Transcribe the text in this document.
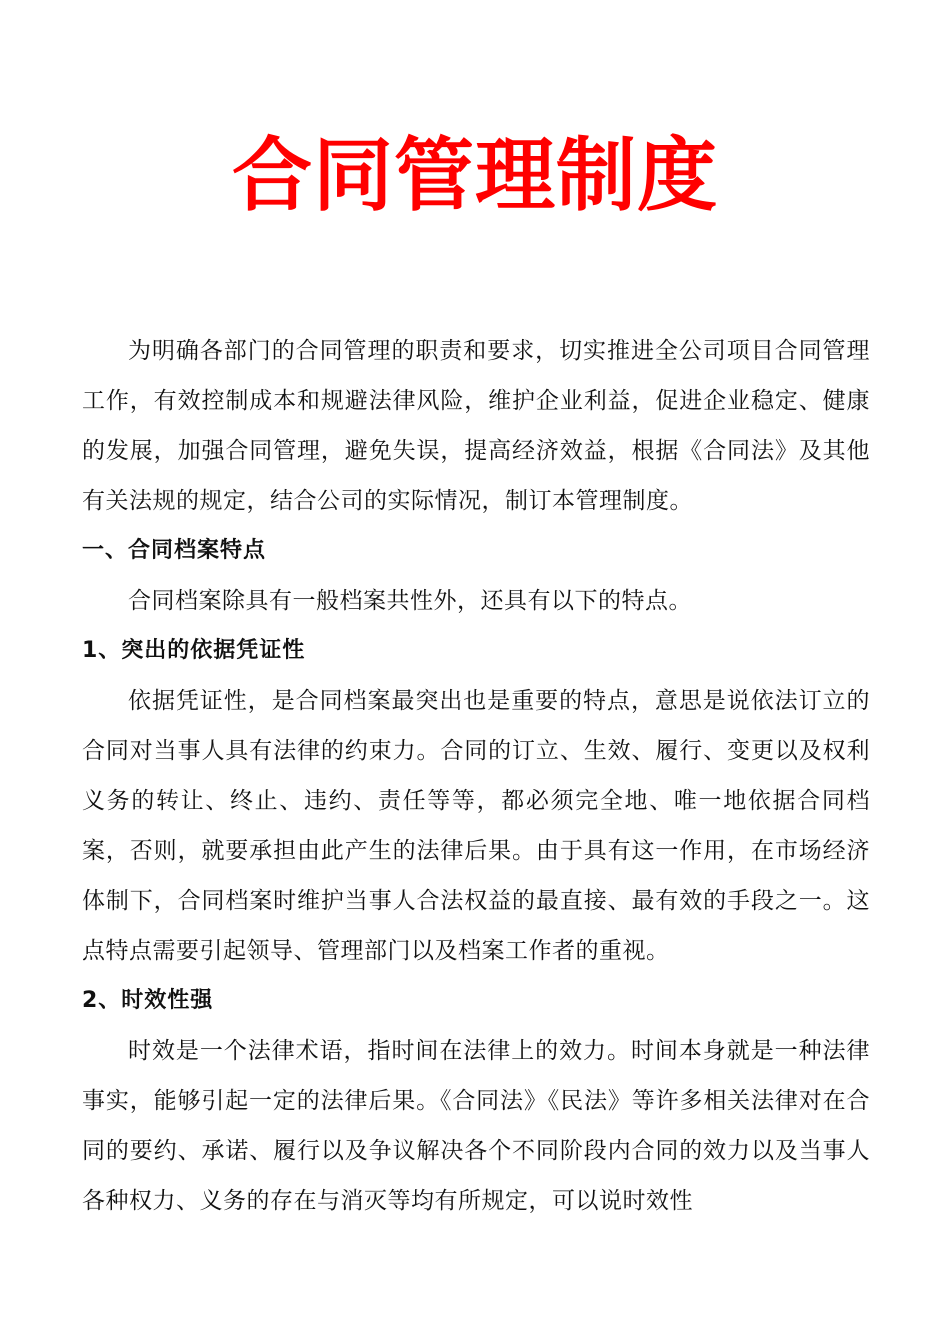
合同管理制度

为明确各部门的合同管理的职责和要求，切实推进全公司项目合同管理工作，有效控制成本和规避法律风险，维护企业利益，促进企业稳定、健康的发展，加强合同管理，避免失误，提高经济效益，根据《合同法》及其他有关法规的规定，结合公司的实际情况，制订本管理制度。

一、合同档案特点

合同档案除具有一般档案共性外，还具有以下的特点。

1、突出的依据凭证性

依据凭证性，是合同档案最突出也是重要的特点，意思是说依法订立的合同对当事人具有法律的约束力。合同的订立、生效、履行、变更以及权利义务的转让、终止、违约、责任等等，都必须完全地、唯一地依据合同档案，否则，就要承担由此产生的法律后果。由于具有这一作用，在市场经济体制下，合同档案时维护当事人合法权益的最直接、最有效的手段之一。这点特点需要引起领导、管理部门以及档案工作者的重视。

2、时效性强

时效是一个法律术语，指时间在法律上的效力。时间本身就是一种法律事实，能够引起一定的法律后果。《合同法》《民法》等许多相关法律对在合同的要约、承诺、履行以及争议解决各个不同阶段内合同的效力以及当事人各种权力、义务的存在与消灭等均有所规定，可以说时效性
